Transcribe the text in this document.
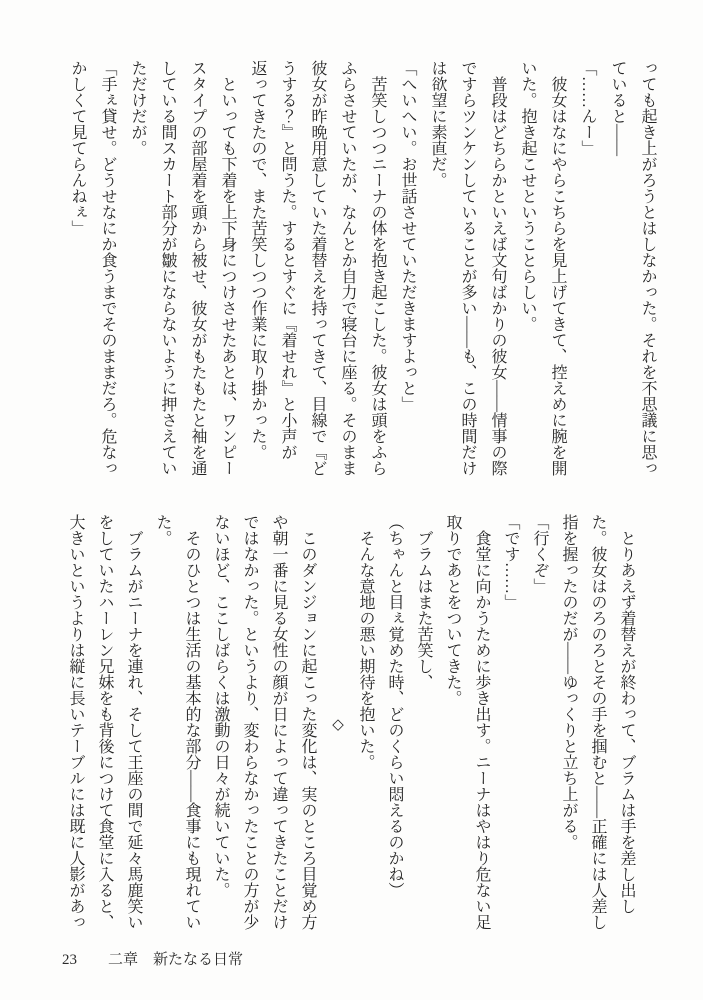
っても起き上がろうとはしなかった。それを不思議に思っていると――

「……んー」

彼女はなにやらこちらを見上げてきて、控えめに腕を開いた。抱き起こせということらしい。

普段はどちらかといえば文句ばかりの彼女――情事の際ですらツンケンしていることが多い――も、この時間だけは欲望に素直だ。

「へいへい。お世話させていただきますよっと」

苦笑しつつニーナの体を抱き起こした。彼女は頭をふらふらさせていたが、なんとか自力で寝台に座る。そのまま彼女が昨晩用意していた着替えを持ってきて、目線で『どうする？』と問うた。するとすぐに『着せれ』と小声が返ってきたので、また苦笑しつつ作業に取り掛かった。

といっても下着を上下身につけさせたあとは、ワンピースタイプの部屋着を頭から被せ、彼女がもたもたと袖を通している間スカート部分が皺にならないように押さえていただけだが。

「手ぇ貸せ。どうせなにか食うまでそのままだろ。危なっかしくて見てらんねぇ」

とりあえず着替えが終わって、ブラムは手を差し出した。彼女はのろのろとその手を掴むと――正確には人差し指を握ったのだが――ゆっくりと立ち上がる。

「行くぞ」

「です……」

食堂に向かうために歩き出す。ニーナはやはり危ない足取りであとをついてきた。

ブラムはまた苦笑し、

（ちゃんと目ぇ覚めた時、どのくらい悶えるのかね）

そんな意地の悪い期待を抱いた。

◇

このダンジョンに起こった変化は、実のところ目覚め方や朝一番に見る女性の顔が日によって違ってきたことだけではなかった。というより、変わらなかったことの方が少ないほど、ここしばらくは激動の日々が続いていた。

そのひとつは生活の基本的な部分――食事にも現れていた。

ブラムがニーナを連れ、そして王座の間で延々馬鹿笑いをしていたハーレン兄妹をも背後につけて食堂に入ると、大きいというよりは縦に長いテーブルには既に人影があっ

23 二章　新たなる日常
